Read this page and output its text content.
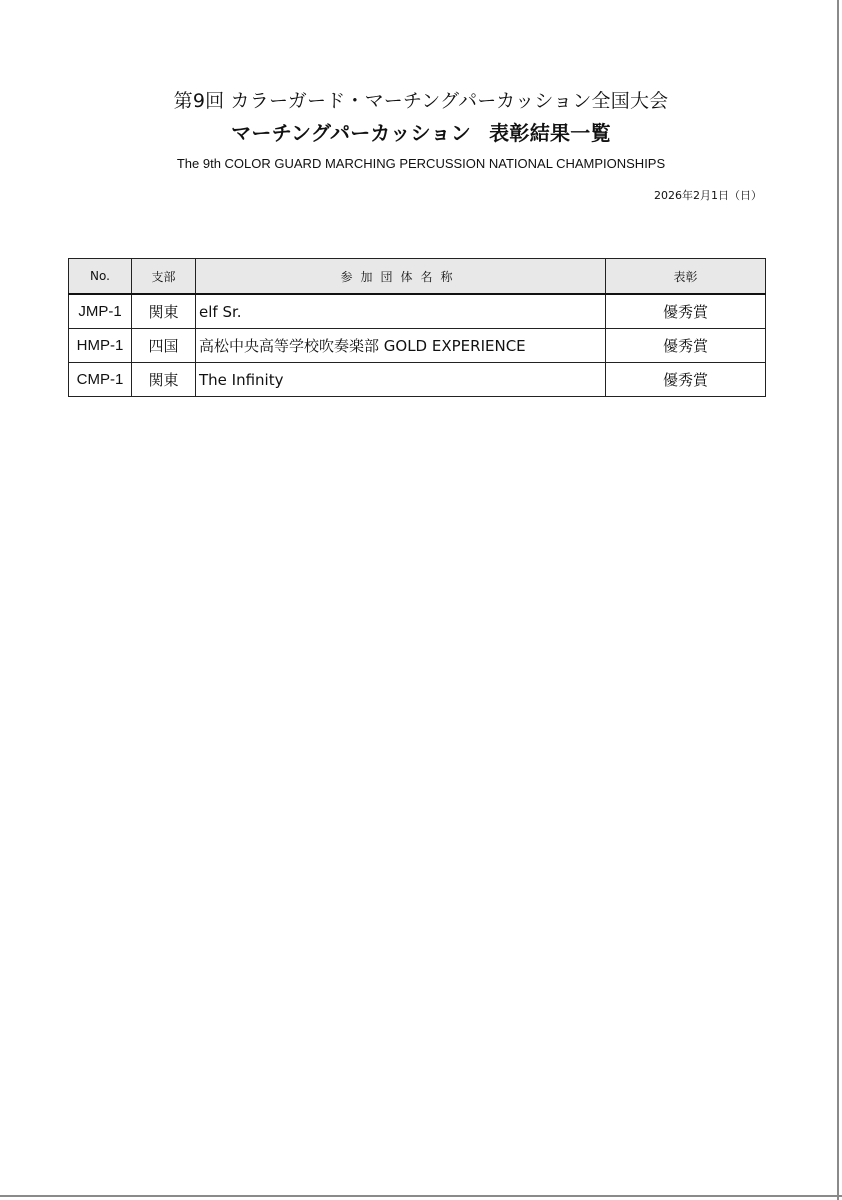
第9回 カラーガード・マーチングパーカッション全国大会
マーチングパーカッション 表彰結果一覧
The 9th COLOR GUARD MARCHING PERCUSSION NATIONAL CHAMPIONSHIPS
2026年2月1日（日）
No.	支部	参加団体名称	表彰
JMP-1	関東	elf Sr.	優秀賞
HMP-1	四国	高松中央高等学校吹奏楽部 GOLD EXPERIENCE	優秀賞
CMP-1	関東	The Infinity	優秀賞
